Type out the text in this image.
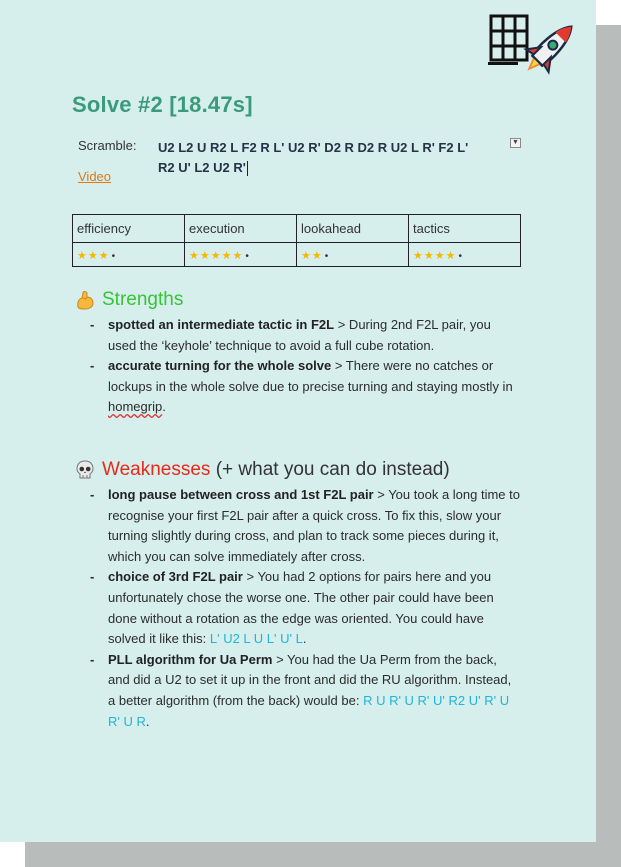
Solve #2 [18.47s]
Scramble: U2 L2 U R2 L F2 R L' U2 R' D2 R D2 R U2 L R' F2 L'
R2 U' L2 U2 R'
▼
Video
efficiency	execution	lookahead	tactics
★★★ •	★★★★★ •	★★ •	★★★★ •
Strengths
- spotted an intermediate tactic in F2L > During 2nd F2L pair, you used the ‘keyhole’ technique to avoid a full cube rotation.
- accurate turning for the whole solve > There were no catches or lockups in the whole solve due to precise turning and staying mostly in homegrip.
Weaknesses (+ what you can do instead)
- long pause between cross and 1st F2L pair > You took a long time to recognise your first F2L pair after a quick cross. To fix this, slow your turning slightly during cross, and plan to track some pieces during it, which you can solve immediately after cross.
- choice of 3rd F2L pair > You had 2 options for pairs here and you unfortunately chose the worse one. The other pair could have been done without a rotation as the edge was oriented. You could have solved it like this: L' U2 L U L' U' L.
- PLL algorithm for Ua Perm > You had the Ua Perm from the back, and did a U2 to set it up in the front and did the RU algorithm. Instead, a better algorithm (from the back) would be: R U R' U R' U' R2 U' R' U R' U R.
